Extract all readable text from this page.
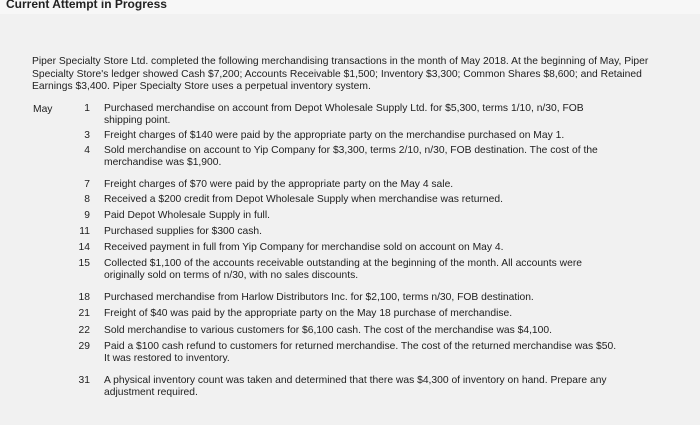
Current Attempt in Progress
Piper Specialty Store Ltd. completed the following merchandising transactions in the month of May 2018. At the beginning of May, Piper Specialty Store's ledger showed Cash $7,200; Accounts Receivable $1,500; Inventory $3,300; Common Shares $8,600; and Retained Earnings $3,400. Piper Specialty Store uses a perpetual inventory system.
May	1 Purchased merchandise on account from Depot Wholesale Supply Ltd. for $5,300, terms 1/10, n/30, FOB shipping point.
3 Freight charges of $140 were paid by the appropriate party on the merchandise purchased on May 1.
4 Sold merchandise on account to Yip Company for $3,300, terms 2/10, n/30, FOB destination. The cost of the merchandise was $1,900.
7 Freight charges of $70 were paid by the appropriate party on the May 4 sale.
8 Received a $200 credit from Depot Wholesale Supply when merchandise was returned.
9 Paid Depot Wholesale Supply in full.
11 Purchased supplies for $300 cash.
14 Received payment in full from Yip Company for merchandise sold on account on May 4.
15 Collected $1,100 of the accounts receivable outstanding at the beginning of the month. All accounts were originally sold on terms of n/30, with no sales discounts.
18 Purchased merchandise from Harlow Distributors Inc. for $2,100, terms n/30, FOB destination.
21 Freight of $40 was paid by the appropriate party on the May 18 purchase of merchandise.
22 Sold merchandise to various customers for $6,100 cash. The cost of the merchandise was $4,100.
29 Paid a $100 cash refund to customers for returned merchandise. The cost of the returned merchandise was $50. It was restored to inventory.
31 A physical inventory count was taken and determined that there was $4,300 of inventory on hand. Prepare any adjustment required.
